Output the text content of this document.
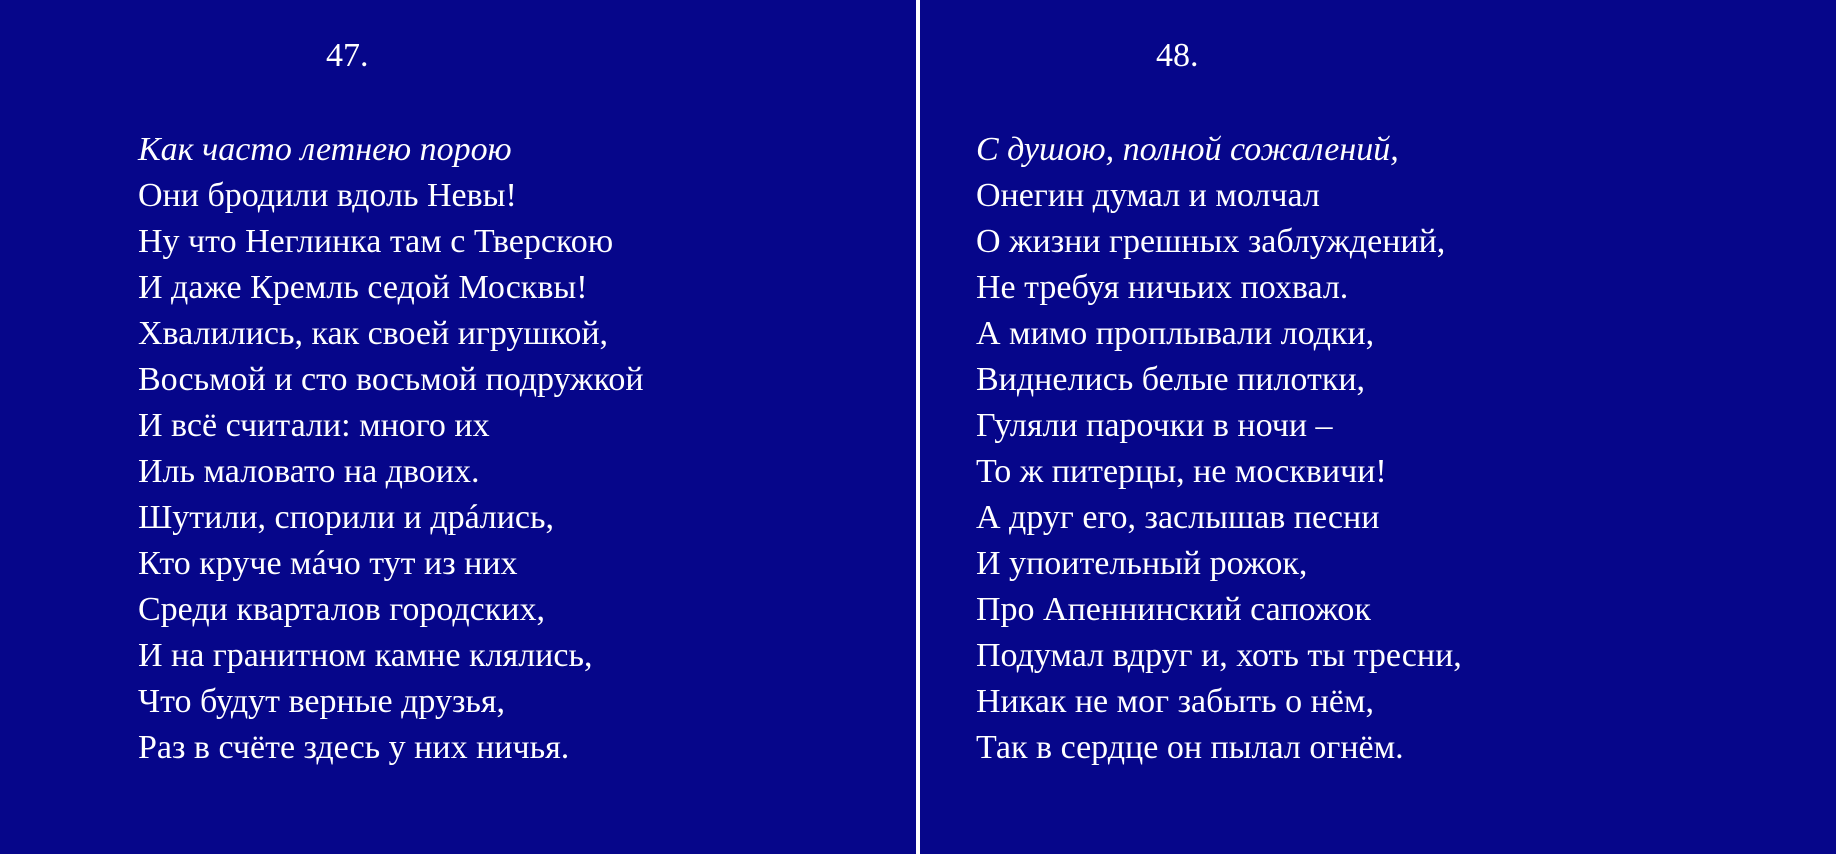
47.
Как часто летнею порою
Они бродили вдоль Невы!
Ну что Неглинка там с Тверскою
И даже Кремль седой Москвы!
Хвалились, как своей игрушкой,
Восьмой и сто восьмой подружкой
И всё считали: много их
Иль маловато на двоих.
Шутили, спорили и дрáлись,
Кто круче мáчо тут из них
Среди кварталов городских,
И на гранитном камне клялись,
Что будут верные друзья,
Раз в счёте здесь у них ничья.
48.
С душою, полной сожалений,
Онегин думал и молчал
О жизни грешных заблуждений,
Не требуя ничьих похвал.
А мимо проплывали лодки,
Виднелись белые пилотки,
Гуляли парочки в ночи –
То ж питерцы, не москвичи!
А друг его, заслышав песни
И упоительный рожок,
Про Апеннинский сапожок
Подумал вдруг и, хоть ты тресни,
Никак не мог забыть о нём,
Так в сердце он пылал огнём.
